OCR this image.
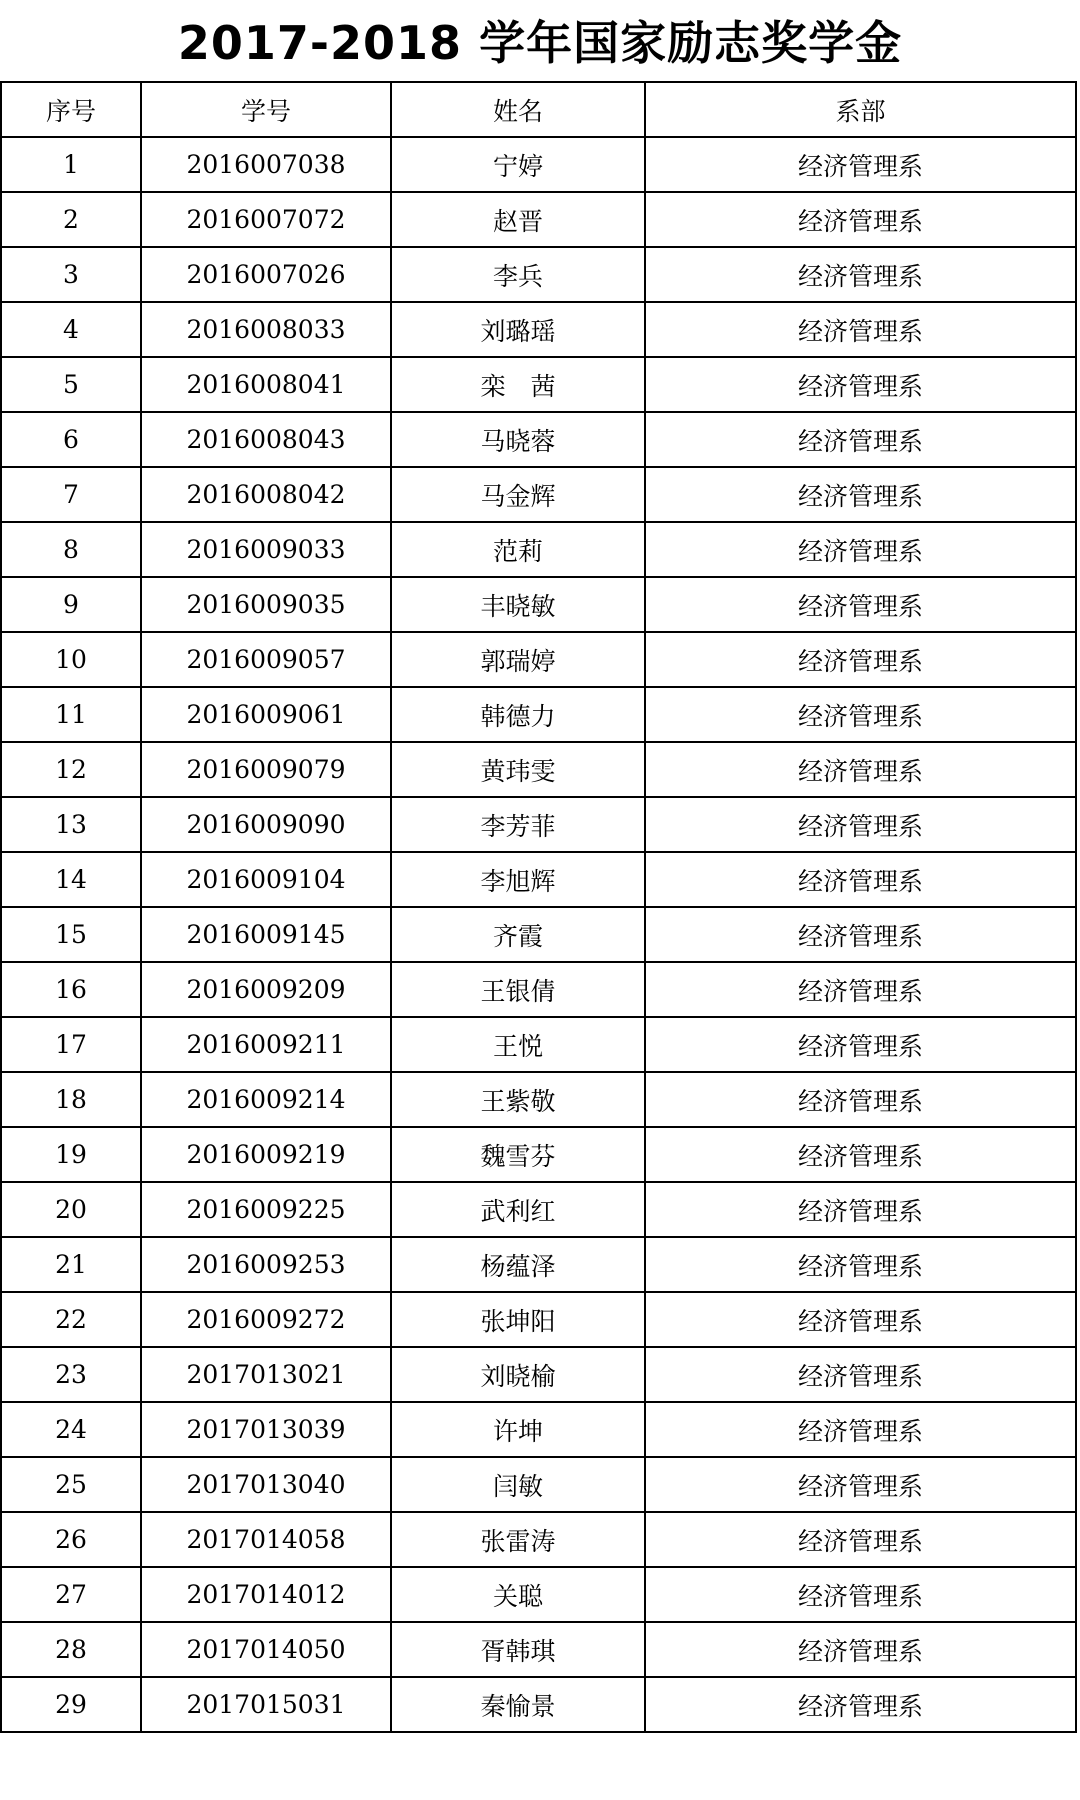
2017-2018 学年国家励志奖学金
序号	学号	姓名	系部
1	2016007038	宁婷	经济管理系
2	2016007072	赵晋	经济管理系
3	2016007026	李兵	经济管理系
4	2016008033	刘璐瑶	经济管理系
5	2016008041	栾　茜	经济管理系
6	2016008043	马晓蓉	经济管理系
7	2016008042	马金辉	经济管理系
8	2016009033	范莉	经济管理系
9	2016009035	丰晓敏	经济管理系
10	2016009057	郭瑞婷	经济管理系
11	2016009061	韩德力	经济管理系
12	2016009079	黄玮雯	经济管理系
13	2016009090	李芳菲	经济管理系
14	2016009104	李旭辉	经济管理系
15	2016009145	齐霞	经济管理系
16	2016009209	王银倩	经济管理系
17	2016009211	王悦	经济管理系
18	2016009214	王紫敬	经济管理系
19	2016009219	魏雪芬	经济管理系
20	2016009225	武利红	经济管理系
21	2016009253	杨蕴泽	经济管理系
22	2016009272	张坤阳	经济管理系
23	2017013021	刘晓榆	经济管理系
24	2017013039	许坤	经济管理系
25	2017013040	闫敏	经济管理系
26	2017014058	张雷涛	经济管理系
27	2017014012	关聪	经济管理系
28	2017014050	胥韩琪	经济管理系
29	2017015031	秦愉景	经济管理系
